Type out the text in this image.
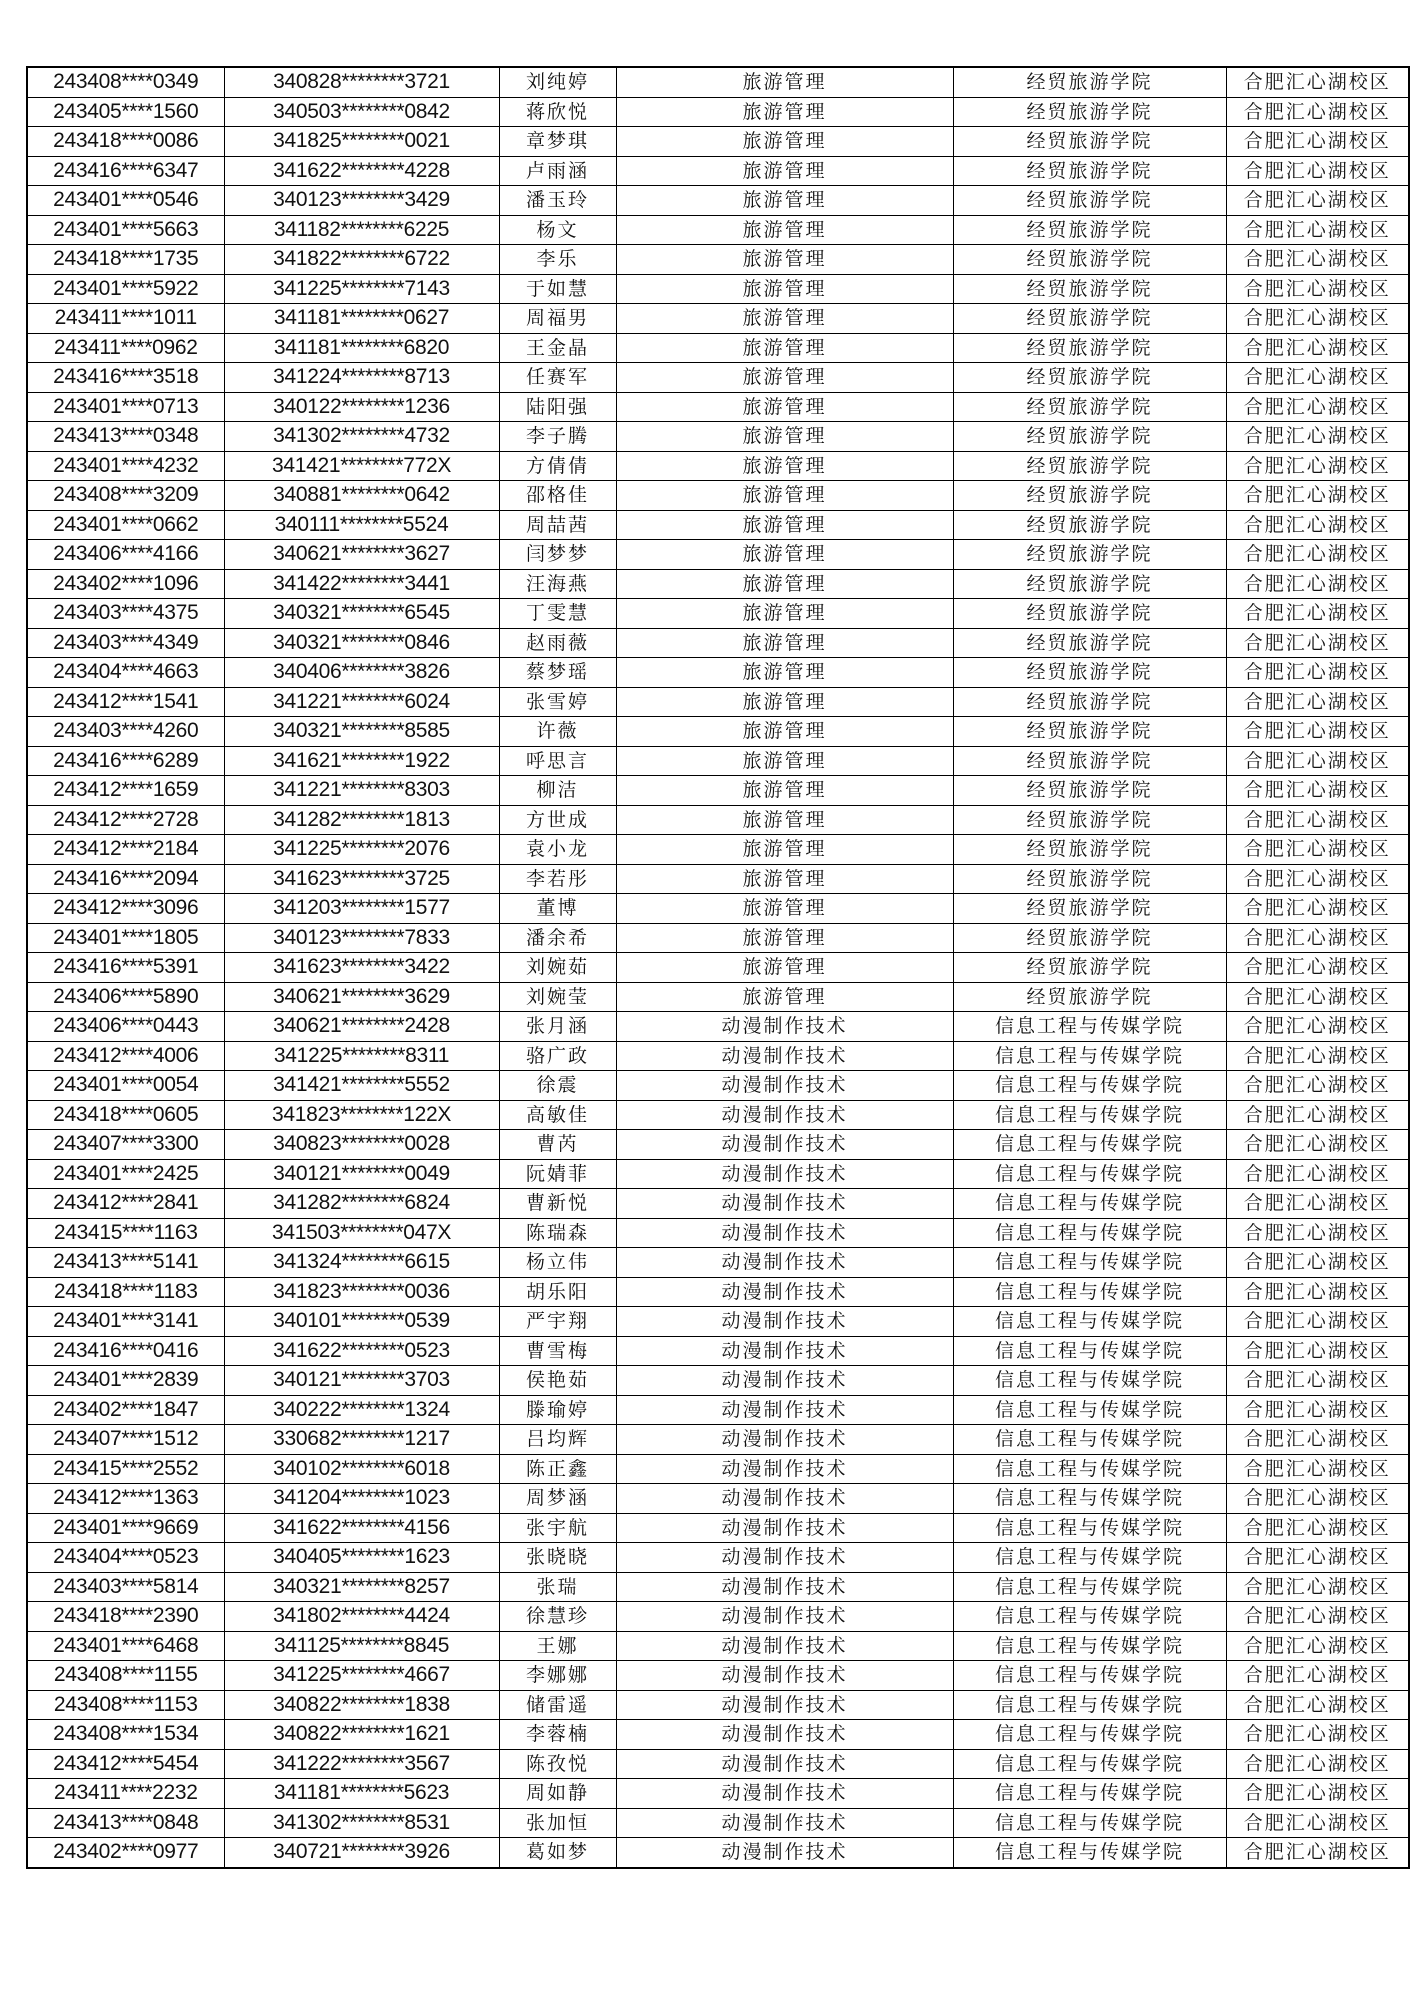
243408****0349	340828********3721	刘纯婷	旅游管理	经贸旅游学院	合肥汇心湖校区
243405****1560	340503********0842	蒋欣悦	旅游管理	经贸旅游学院	合肥汇心湖校区
243418****0086	341825********0021	章梦琪	旅游管理	经贸旅游学院	合肥汇心湖校区
243416****6347	341622********4228	卢雨涵	旅游管理	经贸旅游学院	合肥汇心湖校区
243401****0546	340123********3429	潘玉玲	旅游管理	经贸旅游学院	合肥汇心湖校区
243401****5663	341182********6225	杨文	旅游管理	经贸旅游学院	合肥汇心湖校区
243418****1735	341822********6722	李乐	旅游管理	经贸旅游学院	合肥汇心湖校区
243401****5922	341225********7143	于如慧	旅游管理	经贸旅游学院	合肥汇心湖校区
243411****1011	341181********0627	周福男	旅游管理	经贸旅游学院	合肥汇心湖校区
243411****0962	341181********6820	王金晶	旅游管理	经贸旅游学院	合肥汇心湖校区
243416****3518	341224********8713	任赛军	旅游管理	经贸旅游学院	合肥汇心湖校区
243401****0713	340122********1236	陆阳强	旅游管理	经贸旅游学院	合肥汇心湖校区
243413****0348	341302********4732	李子腾	旅游管理	经贸旅游学院	合肥汇心湖校区
243401****4232	341421********772X	方倩倩	旅游管理	经贸旅游学院	合肥汇心湖校区
243408****3209	340881********0642	邵格佳	旅游管理	经贸旅游学院	合肥汇心湖校区
243401****0662	340111********5524	周喆茜	旅游管理	经贸旅游学院	合肥汇心湖校区
243406****4166	340621********3627	闫梦梦	旅游管理	经贸旅游学院	合肥汇心湖校区
243402****1096	341422********3441	汪海燕	旅游管理	经贸旅游学院	合肥汇心湖校区
243403****4375	340321********6545	丁雯慧	旅游管理	经贸旅游学院	合肥汇心湖校区
243403****4349	340321********0846	赵雨薇	旅游管理	经贸旅游学院	合肥汇心湖校区
243404****4663	340406********3826	蔡梦瑶	旅游管理	经贸旅游学院	合肥汇心湖校区
243412****1541	341221********6024	张雪婷	旅游管理	经贸旅游学院	合肥汇心湖校区
243403****4260	340321********8585	许薇	旅游管理	经贸旅游学院	合肥汇心湖校区
243416****6289	341621********1922	呼思言	旅游管理	经贸旅游学院	合肥汇心湖校区
243412****1659	341221********8303	柳洁	旅游管理	经贸旅游学院	合肥汇心湖校区
243412****2728	341282********1813	方世成	旅游管理	经贸旅游学院	合肥汇心湖校区
243412****2184	341225********2076	袁小龙	旅游管理	经贸旅游学院	合肥汇心湖校区
243416****2094	341623********3725	李若彤	旅游管理	经贸旅游学院	合肥汇心湖校区
243412****3096	341203********1577	董博	旅游管理	经贸旅游学院	合肥汇心湖校区
243401****1805	340123********7833	潘余希	旅游管理	经贸旅游学院	合肥汇心湖校区
243416****5391	341623********3422	刘婉茹	旅游管理	经贸旅游学院	合肥汇心湖校区
243406****5890	340621********3629	刘婉莹	旅游管理	经贸旅游学院	合肥汇心湖校区
243406****0443	340621********2428	张月涵	动漫制作技术	信息工程与传媒学院	合肥汇心湖校区
243412****4006	341225********8311	骆广政	动漫制作技术	信息工程与传媒学院	合肥汇心湖校区
243401****0054	341421********5552	徐震	动漫制作技术	信息工程与传媒学院	合肥汇心湖校区
243418****0605	341823********122X	高敏佳	动漫制作技术	信息工程与传媒学院	合肥汇心湖校区
243407****3300	340823********0028	曹芮	动漫制作技术	信息工程与传媒学院	合肥汇心湖校区
243401****2425	340121********0049	阮婧菲	动漫制作技术	信息工程与传媒学院	合肥汇心湖校区
243412****2841	341282********6824	曹新悦	动漫制作技术	信息工程与传媒学院	合肥汇心湖校区
243415****1163	341503********047X	陈瑞森	动漫制作技术	信息工程与传媒学院	合肥汇心湖校区
243413****5141	341324********6615	杨立伟	动漫制作技术	信息工程与传媒学院	合肥汇心湖校区
243418****1183	341823********0036	胡乐阳	动漫制作技术	信息工程与传媒学院	合肥汇心湖校区
243401****3141	340101********0539	严宇翔	动漫制作技术	信息工程与传媒学院	合肥汇心湖校区
243416****0416	341622********0523	曹雪梅	动漫制作技术	信息工程与传媒学院	合肥汇心湖校区
243401****2839	340121********3703	侯艳茹	动漫制作技术	信息工程与传媒学院	合肥汇心湖校区
243402****1847	340222********1324	滕瑜婷	动漫制作技术	信息工程与传媒学院	合肥汇心湖校区
243407****1512	330682********1217	吕均辉	动漫制作技术	信息工程与传媒学院	合肥汇心湖校区
243415****2552	340102********6018	陈正鑫	动漫制作技术	信息工程与传媒学院	合肥汇心湖校区
243412****1363	341204********1023	周梦涵	动漫制作技术	信息工程与传媒学院	合肥汇心湖校区
243401****9669	341622********4156	张宇航	动漫制作技术	信息工程与传媒学院	合肥汇心湖校区
243404****0523	340405********1623	张晓晓	动漫制作技术	信息工程与传媒学院	合肥汇心湖校区
243403****5814	340321********8257	张瑞	动漫制作技术	信息工程与传媒学院	合肥汇心湖校区
243418****2390	341802********4424	徐慧珍	动漫制作技术	信息工程与传媒学院	合肥汇心湖校区
243401****6468	341125********8845	王娜	动漫制作技术	信息工程与传媒学院	合肥汇心湖校区
243408****1155	341225********4667	李娜娜	动漫制作技术	信息工程与传媒学院	合肥汇心湖校区
243408****1153	340822********1838	储雷遥	动漫制作技术	信息工程与传媒学院	合肥汇心湖校区
243408****1534	340822********1621	李蓉楠	动漫制作技术	信息工程与传媒学院	合肥汇心湖校区
243412****5454	341222********3567	陈孜悦	动漫制作技术	信息工程与传媒学院	合肥汇心湖校区
243411****2232	341181********5623	周如静	动漫制作技术	信息工程与传媒学院	合肥汇心湖校区
243413****0848	341302********8531	张加恒	动漫制作技术	信息工程与传媒学院	合肥汇心湖校区
243402****0977	340721********3926	葛如梦	动漫制作技术	信息工程与传媒学院	合肥汇心湖校区
